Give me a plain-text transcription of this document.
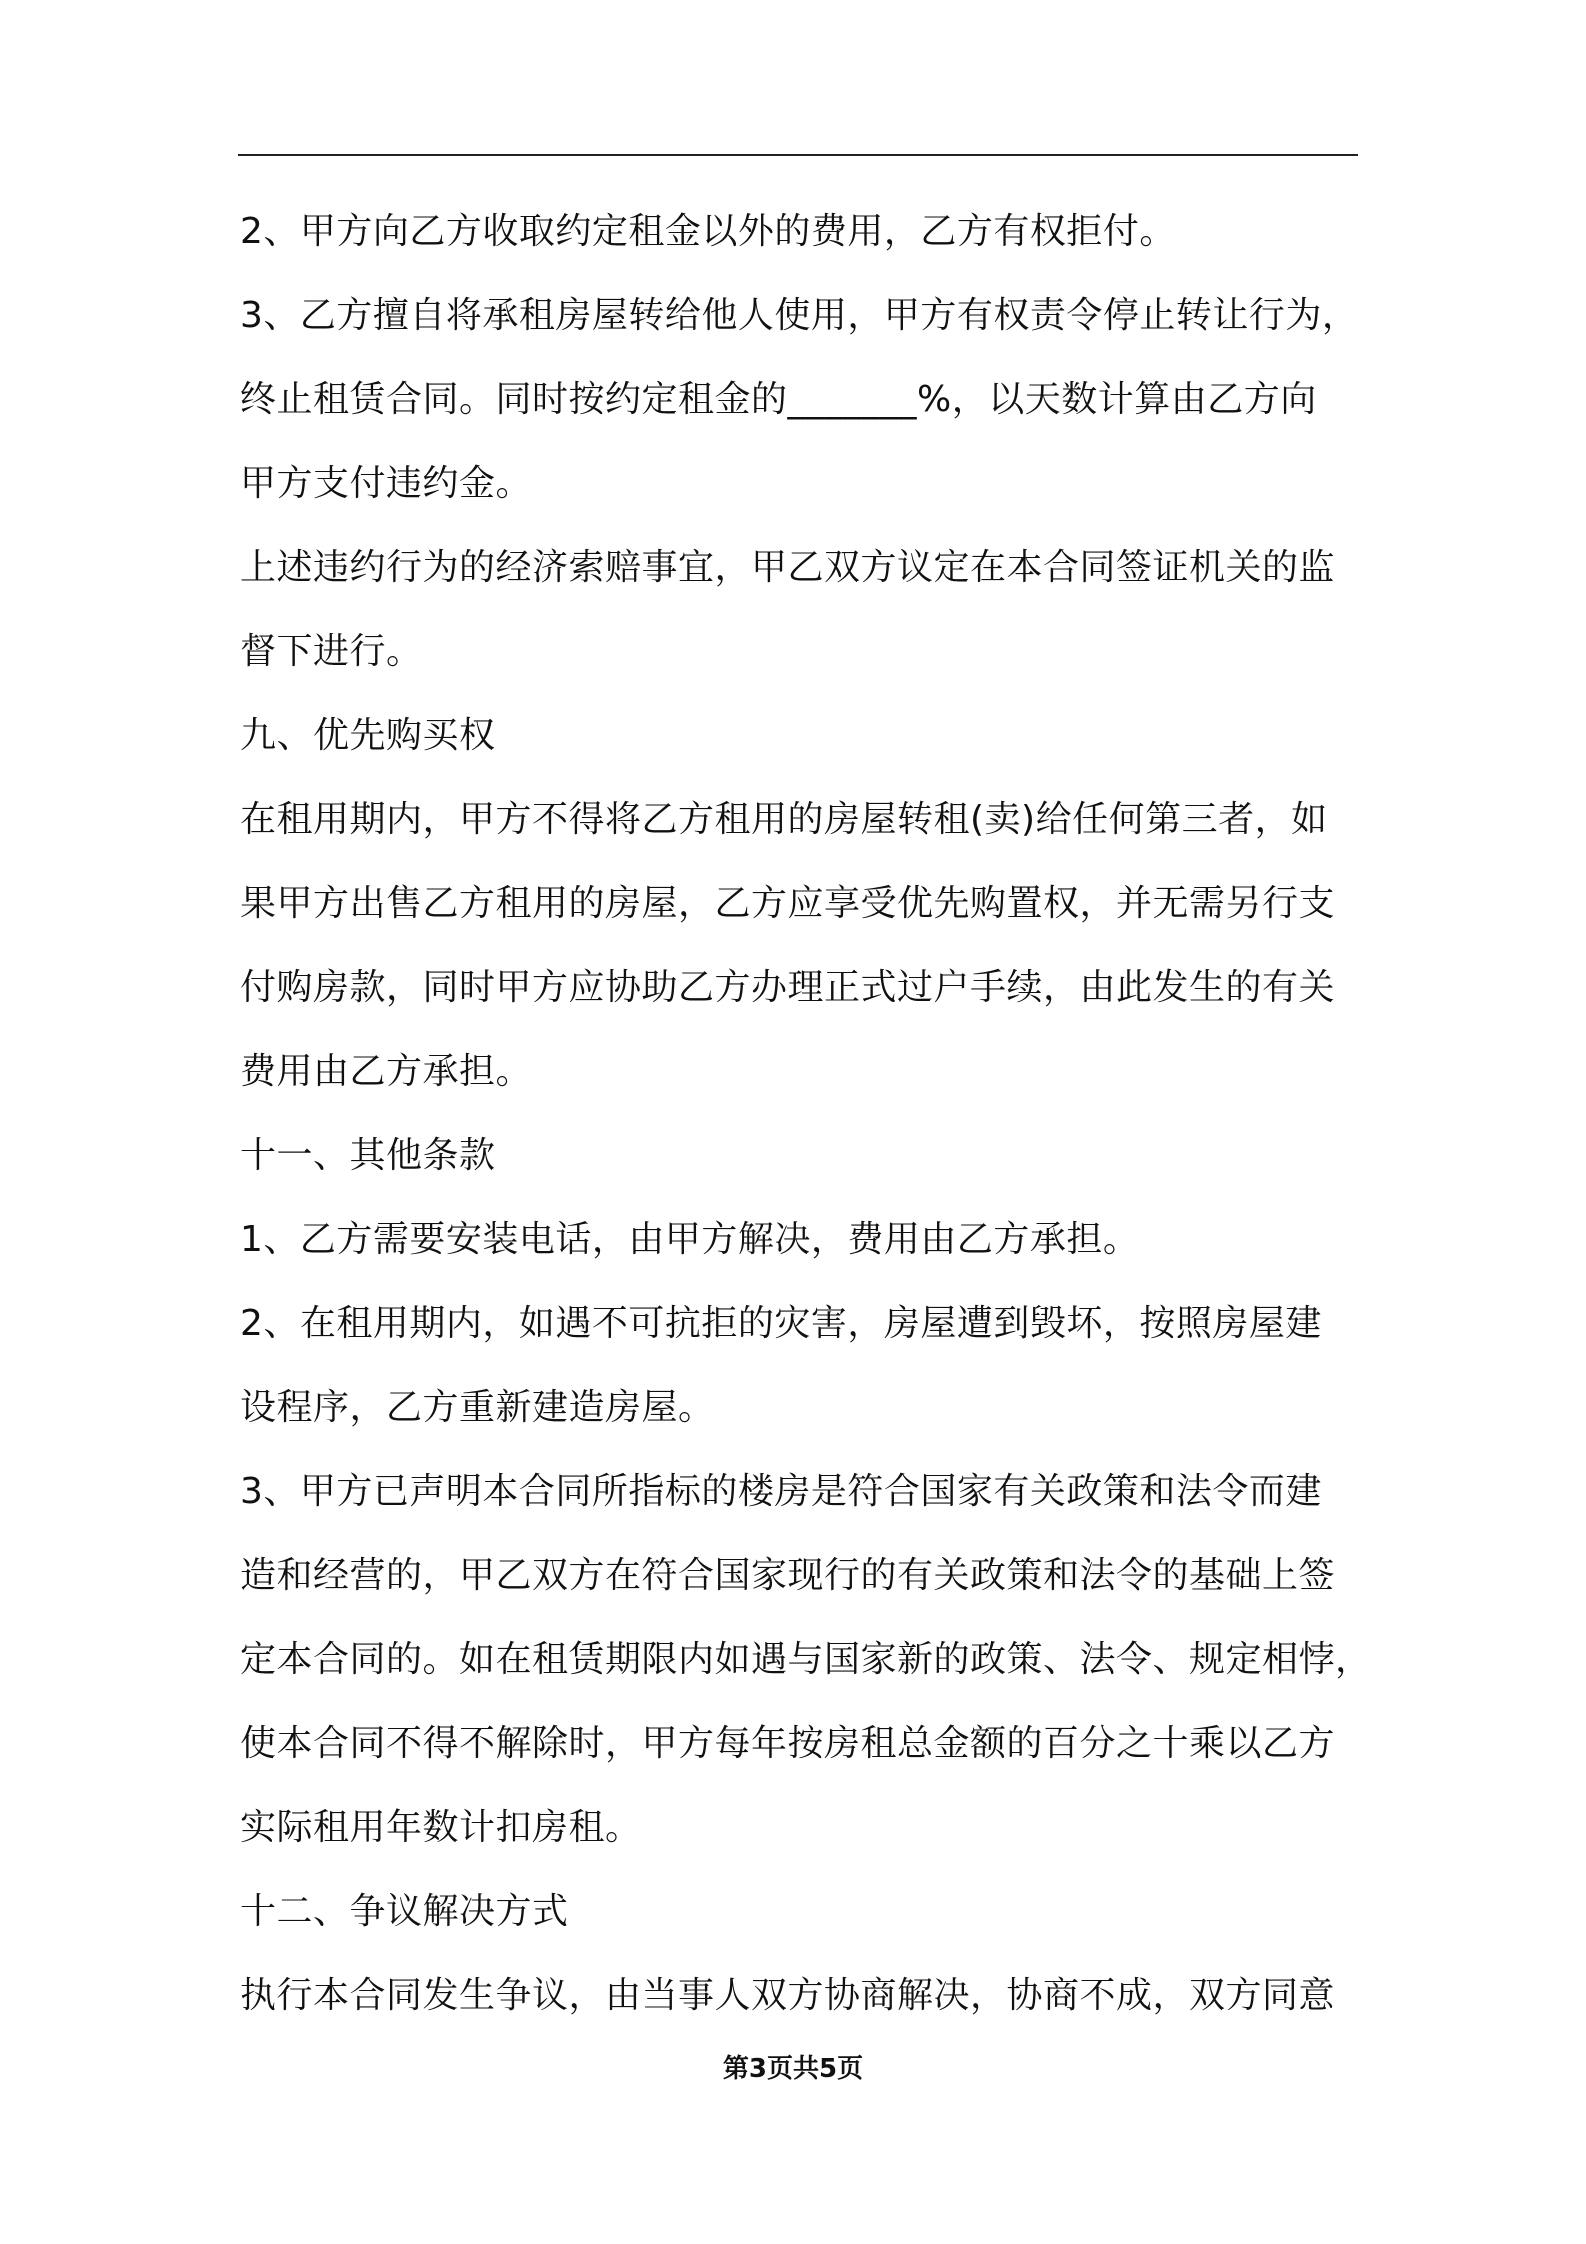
2、甲方向乙方收取约定租金以外的费用，乙方有权拒付。
3、乙方擅自将承租房屋转给他人使用，甲方有权责令停止转让行为，
终止租赁合同。同时按约定租金的_______%，以天数计算由乙方向
甲方支付违约金。
上述违约行为的经济索赔事宜，甲乙双方议定在本合同签证机关的监
督下进行。
九、优先购买权
在租用期内，甲方不得将乙方租用的房屋转租(卖)给任何第三者，如
果甲方出售乙方租用的房屋，乙方应享受优先购置权，并无需另行支
付购房款，同时甲方应协助乙方办理正式过户手续，由此发生的有关
费用由乙方承担。
十一、其他条款
1、乙方需要安装电话，由甲方解决，费用由乙方承担。
2、在租用期内，如遇不可抗拒的灾害，房屋遭到毁坏，按照房屋建
设程序，乙方重新建造房屋。
3、甲方已声明本合同所指标的楼房是符合国家有关政策和法令而建
造和经营的，甲乙双方在符合国家现行的有关政策和法令的基础上签
定本合同的。如在租赁期限内如遇与国家新的政策、法令、规定相悖，
使本合同不得不解除时，甲方每年按房租总金额的百分之十乘以乙方
实际租用年数计扣房租。
十二、争议解决方式
执行本合同发生争议，由当事人双方协商解决，协商不成，双方同意
第3页共5页
